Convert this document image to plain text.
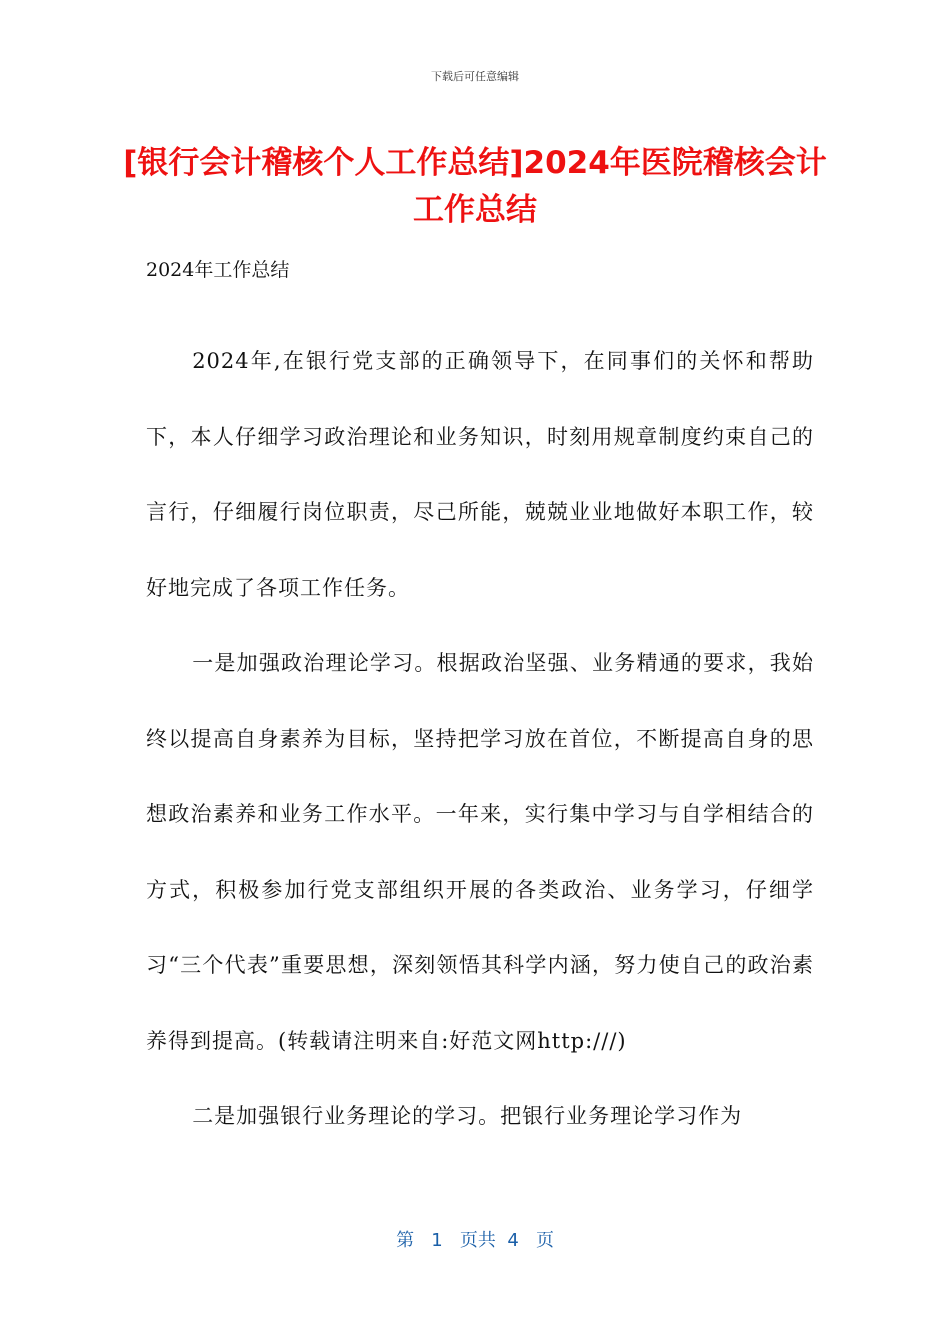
下载后可任意编辑
[银行会计稽核个人工作总结]2024年医院稽核会计工作总结
2024年工作总结

2024年,在银行党支部的正确领导下，在同事们的关怀和帮助下，本人仔细学习政治理论和业务知识，时刻用规章制度约束自己的言行，仔细履行岗位职责，尽己所能，兢兢业业地做好本职工作，较好地完成了各项工作任务。

一是加强政治理论学习。根据政治坚强、业务精通的要求，我始终以提高自身素养为目标，坚持把学习放在首位，不断提高自身的思想政治素养和业务工作水平。一年来，实行集中学习与自学相结合的方式，积极参加行党支部组织开展的各类政治、业务学习，仔细学习“三个代表”重要思想，深刻领悟其科学内涵，努力使自己的政治素养得到提高。(转载请注明来自:好范文网http:///)

二是加强银行业务理论的学习。把银行业务理论学习作为

第 1 页共 4 页
